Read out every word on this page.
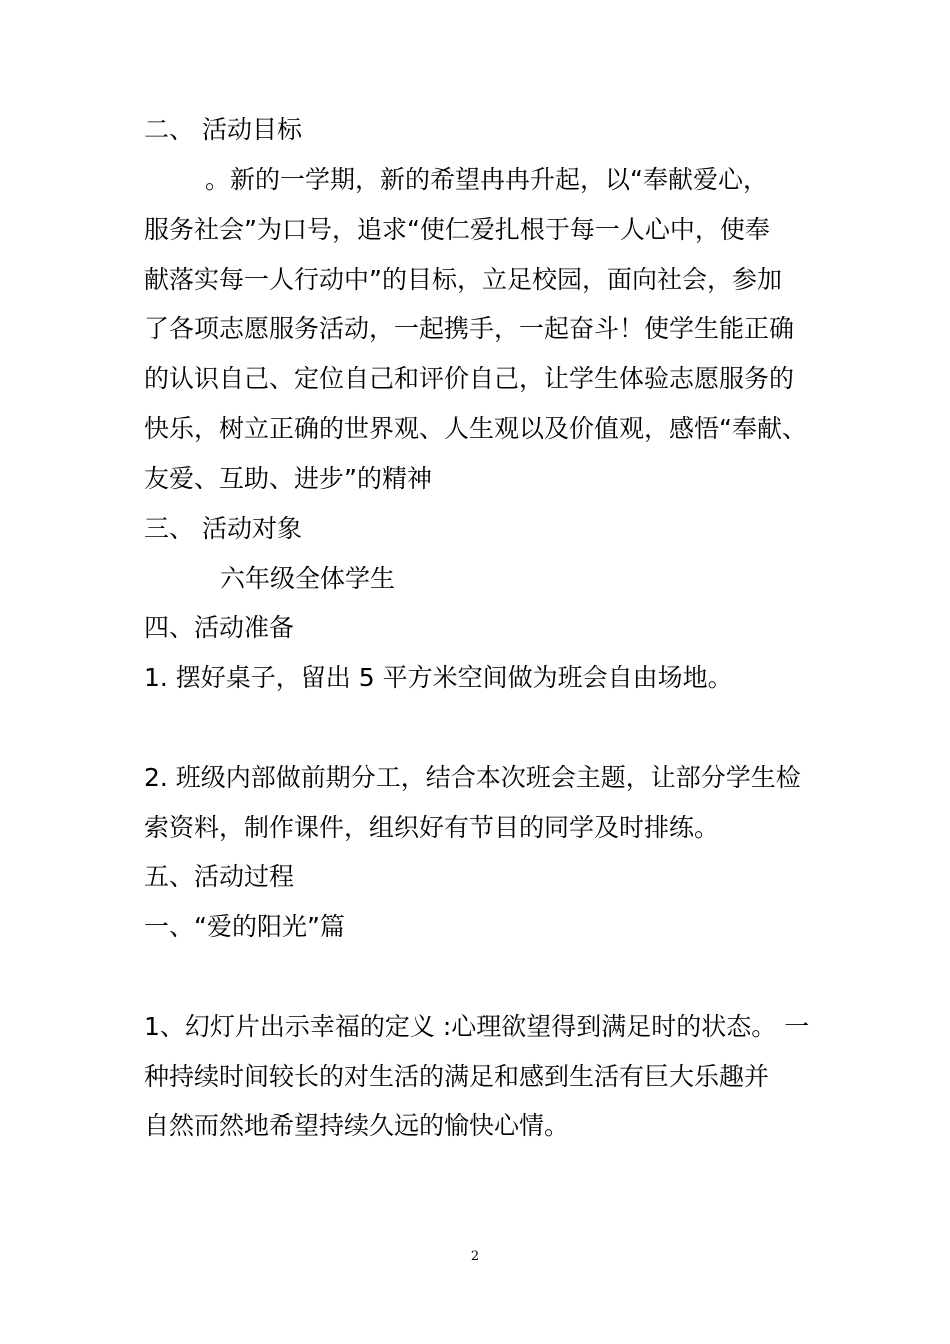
二、 活动目标
。新的一学期，新的希望冉冉升起，以“奉献爱心，
服务社会”为口号，追求“使仁爱扎根于每一人心中，使奉
献落实每一人行动中”的目标，立足校园，面向社会，参加
了各项志愿服务活动，一起携手，一起奋斗！使学生能正确
的认识自己、定位自己和评价自己，让学生体验志愿服务的
快乐，树立正确的世界观、人生观以及价值观，感悟“奉献、
友爱、互助、进步”的精神
三、 活动对象
六年级全体学生
四、活动准备
1. 摆好桌子，留出 5 平方米空间做为班会自由场地。
2. 班级内部做前期分工，结合本次班会主题，让部分学生检
索资料，制作课件，组织好有节目的同学及时排练。
五、活动过程
一、“爱的阳光”篇
1、幻灯片出示幸福的定义 :心理欲望得到满足时的状态。 一
种持续时间较长的对生活的满足和感到生活有巨大乐趣并
自然而然地希望持续久远的愉快心情。
2
